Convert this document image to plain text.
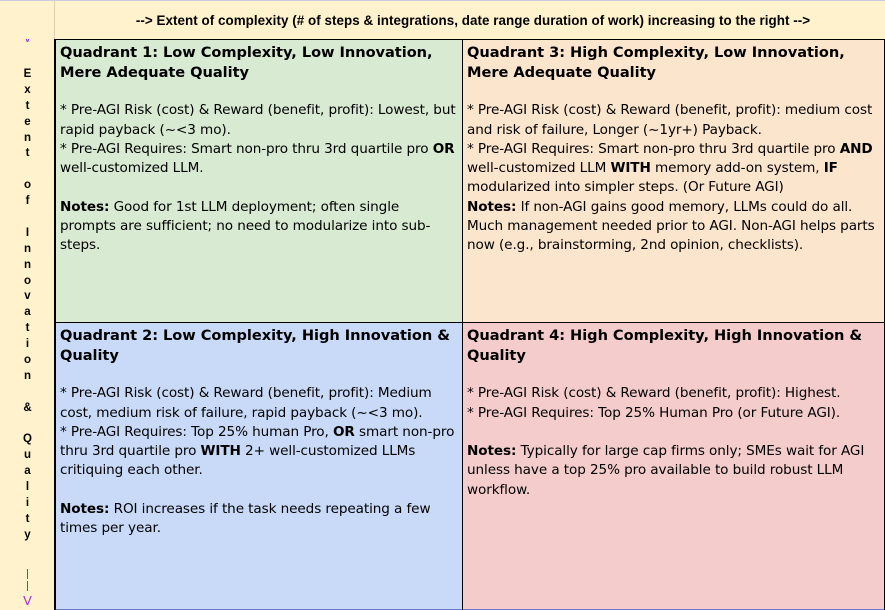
E
x
t
e
n
t

o
f

I
n
n
o
v
a
t
i
o
n

&

Q
u
a
l
i
t
y
V
--> Extent of complexity (# of steps & integrations, date range duration of work) increasing to the right -->
Quadrant 1: Low Complexity, Low Innovation, Mere Adequate Quality
* Pre-AGI Risk (cost) & Reward (benefit, profit): Lowest, but rapid payback (~<3 mo).
* Pre-AGI Requires: Smart non-pro thru 3rd quartile pro OR well-customized LLM.
Notes: Good for 1st LLM deployment; often single prompts are sufficient; no need to modularize into sub-steps.
Quadrant 3: High Complexity, Low Innovation, Mere Adequate Quality
* Pre-AGI Risk (cost) & Reward (benefit, profit): medium cost and risk of failure, Longer (~1yr+) Payback.
* Pre-AGI Requires: Smart non-pro thru 3rd quartile pro AND well-customized LLM WITH memory add-on system, IF modularized into simpler steps. (Or Future AGI)
Notes: If non-AGI gains good memory, LLMs could do all. Much management needed prior to AGI. Non-AGI helps parts now (e.g., brainstorming, 2nd opinion, checklists).
Quadrant 2: Low Complexity, High Innovation & Quality
* Pre-AGI Risk (cost) & Reward (benefit, profit): Medium cost, medium risk of failure, rapid payback (~<3 mo).
* Pre-AGI Requires: Top 25% human Pro, OR smart non-pro thru 3rd quartile pro WITH 2+ well-customized LLMs critiquing each other.
Notes: ROI increases if the task needs repeating a few times per year.
Quadrant 4: High Complexity, High Innovation & Quality
* Pre-AGI Risk (cost) & Reward (benefit, profit): Highest.
* Pre-AGI Requires: Top 25% Human Pro (or Future AGI).
Notes: Typically for large cap firms only; SMEs wait for AGI unless have a top 25% pro available to build robust LLM workflow.
